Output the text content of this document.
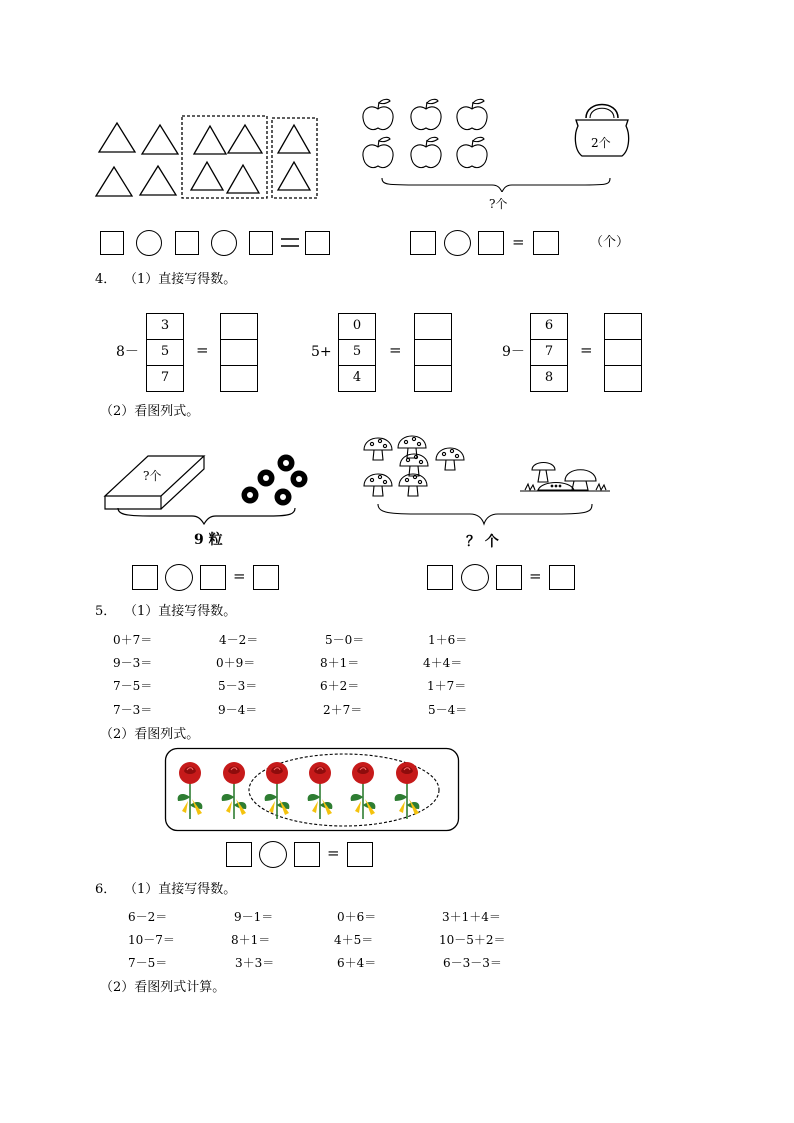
2个
?个
=	（个）
4． （1）直接写得数。
8－
3
5
7
=	5+
0
5
4
=	9－
6
7
8
=
（2）看图列式。
?个
9 粒	？ 个
=	=
5． （1）直接写得数。
0＋7＝	4－2＝	5－0＝	1＋6＝
9－3＝	0＋9＝	8＋1＝	4＋4＝
7－5＝	5－3＝	6＋2＝	1＋7＝
7－3＝	9－4＝	2＋7＝	5－4＝
（2）看图列式。
=
6． （1）直接写得数。
6－2＝	9－1＝	0＋6＝	3＋1＋4＝
10－7＝	8＋1＝	4＋5＝	10－5＋2＝
7－5＝	3＋3＝	6＋4＝	6－3－3＝
（2）看图列式计算。
